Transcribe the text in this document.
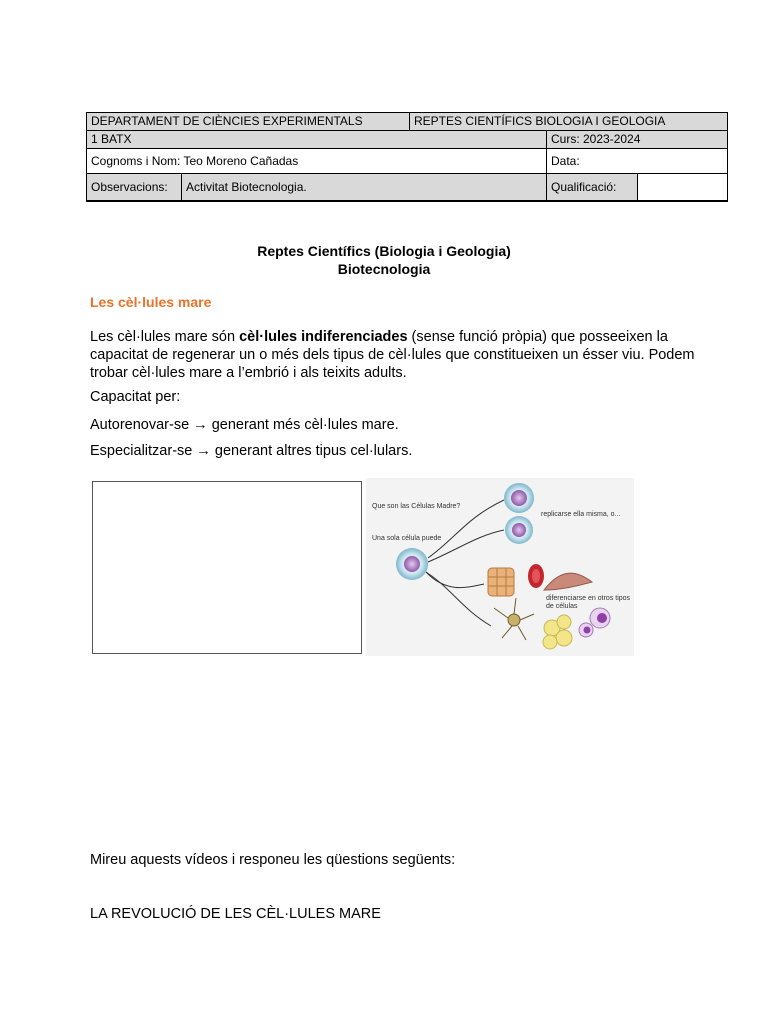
DEPARTAMENT DE CIÈNCIES EXPERIMENTALS	REPTES CIENTÍFICS BIOLOGIA I GEOLOGIA	
1 BATX		Curs: 2023-2024
Cognoms i Nom: Teo Moreno Cañadas		Data:

Observacions: Activitat Biotecnologia.		Qualificació:
Reptes Científics (Biologia i Geologia)
Biotecnologia
Les cèl·lules mare
Les cèl·lules mare són cèl·lules indiferenciades (sense funció pròpia) que posseeixen la capacitat de regenerar un o més dels tipus de cèl·lules que constitueixen un ésser viu. Podem trobar cèl·lules mare a l’embrió i als teixits adults.
Capacitat per:
Autorenovar-se → generant més cèl·lules mare.
Especialitzar-se → generant altres tipus cel·lulars.
Que son las Células Madre?
Una sola célula puede
replicarse ella misma, o...
diferenciarse en otros tipos
de células
Mireu aquests vídeos i responeu les qüestions següents:
LA REVOLUCIÓ DE LES CÈL·LULES MARE
